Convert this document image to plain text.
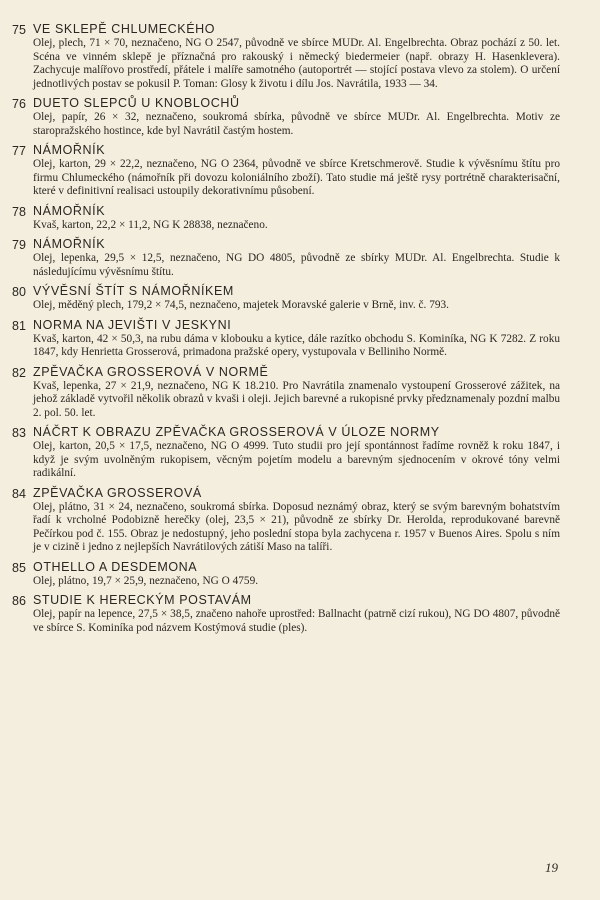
75 VE SKLEPĚ CHLUMECKÉHO
Olej, plech, 71 × 70, neznačeno, NG O 2547, původně ve sbírce MUDr. Al. Engelbrechta. Obraz pochází z 50. let. Scéna ve vinném sklepě je příznačná pro rakouský i německý biedermeier (např. obrazy H. Hasenklevera). Zachycuje malířovo prostředí, přátele i malíře samotného (autoportrét — stojící postava vlevo za stolem). O určení jednotlivých postav se pokusil P. Toman: Glosy k životu i dílu Jos. Navrátila, 1933 — 34.
76 DUETO SLEPCŮ U KNOBLOCHŮ
Olej, papír, 26 × 32, neznačeno, soukromá sbírka, původně ve sbírce MUDr. Al. Engelbrechta. Motiv ze staropražského hostince, kde byl Navrátil častým hostem.
77 NÁMOŘNÍK
Olej, karton, 29 × 22,2, neznačeno, NG O 2364, původně ve sbírce Kretschmerově. Studie k vývěsnímu štítu pro firmu Chlumeckého (námořník při dovozu koloniálního zboží). Tato studie má ještě rysy portrétně charakterisační, které v definitivní realisaci ustoupily dekorativnímu působení.
78 NÁMOŘNÍK
Kvaš, karton, 22,2 × 11,2, NG K 28838, neznačeno.
79 NÁMOŘNÍK
Olej, lepenka, 29,5 × 12,5, neznačeno, NG DO 4805, původně ze sbírky MUDr. Al. Engelbrechta. Studie k následujícímu vývěsnímu štítu.
80 VÝVĚSNÍ ŠTÍT S NÁMOŘNÍKEM
Olej, měděný plech, 179,2 × 74,5, neznačeno, majetek Moravské galerie v Brně, inv. č. 793.
81 NORMA NA JEVIŠTI V JESKYNI
Kvaš, karton, 42 × 50,3, na rubu dáma v klobouku a kytice, dále razítko obchodu S. Kominíka, NG K 7282. Z roku 1847, kdy Henrietta Grosserová, primadona pražské opery, vystupovala v Belliniho Normě.
82 ZPĚVAČKA GROSSEROVÁ V NORMĚ
Kvaš, lepenka, 27 × 21,9, neznačeno, NG K 18.210. Pro Navrátila znamenalo vystoupení Grosserové zážitek, na jehož základě vytvořil několik obrazů v kvaši i oleji. Jejich barevné a rukopisné prvky předznamenaly pozdní malbu 2. pol. 50. let.
83 NÁČRT K OBRAZU ZPĚVAČKA GROSSEROVÁ V ÚLOZE NORMY
Olej, karton, 20,5 × 17,5, neznačeno, NG O 4999. Tuto studii pro její spontánnost řadíme rovněž k roku 1847, i když je svým uvolněným rukopisem, věcným pojetím modelu a barevným sjednocením v okrové tóny velmi radikální.
84 ZPĚVAČKA GROSSEROVÁ
Olej, plátno, 31 × 24, neznačeno, soukromá sbírka. Doposud neznámý obraz, který se svým barevným bohatstvím řadí k vrcholné Podobizně herečky (olej, 23,5 × 21), původně ze sbírky Dr. Herolda, reprodukované barevně Pečírkou pod č. 155. Obraz je nedostupný, jeho poslední stopa byla zachycena r. 1957 v Buenos Aires. Spolu s ním je v cizině i jedno z nejlepších Navrátilových zátiší Maso na talíři.
85 OTHELLO A DESDEMONA
Olej, plátno, 19,7 × 25,9, neznačeno, NG O 4759.
86 STUDIE K HERECKÝM POSTAVÁM
Olej, papír na lepence, 27,5 × 38,5, značeno nahoře uprostřed: Ballnacht (patrně cizí rukou), NG DO 4807, původně ve sbírce S. Kominíka pod názvem Kostýmová studie (ples).
19
